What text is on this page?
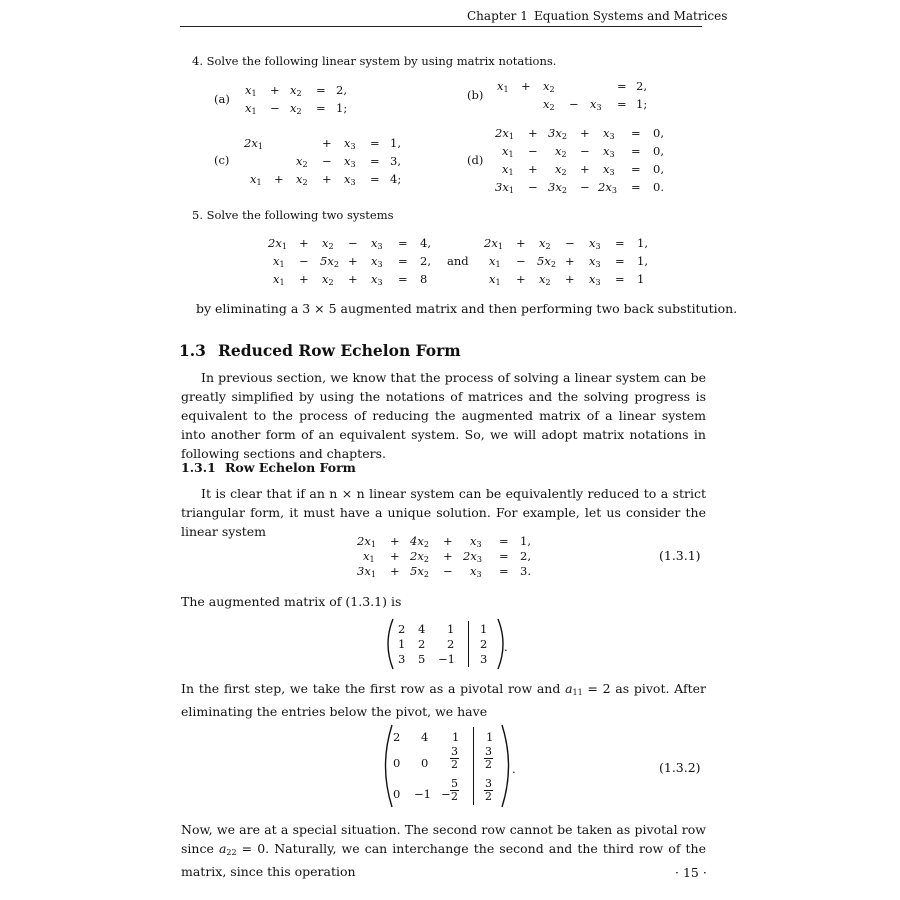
Chapter 1 Equation Systems and Matrices
4. Solve the following linear system by using matrix notations.
(a)
$x_1 + x_2 = 2$,
$x_1 - x_2 = 1$;
(b)
$x_1 + x_2$	= 2,
$x_2 - x_3 = 1$;
(c)
$2x_1$	+ $x_3 = 1$,
$x_2 - x_3 = 3$,
$x_1 + x_2 + x_3 = 4$;
(d)
$2x_1 + 3x_2 + x_3 = 0$,
$x_1 - x_2 - x_3 = 0$,
$x_1 + x_2 + x_3 = 0$,
$3x_1 - 3x_2 - 2x_3 = 0$.
5. Solve the following two systems
$2x_1 + x_2 - x_3 = 4$,
$x_1 - 5x_2 + x_3 = 2$,
$x_1 + x_2 + x_3 = 8$
and
$2x_1 + x_2 - x_3 = 1$,
$x_1 - 5x_2 + x_3 = 1$,
$x_1 + x_2 + x_3 = 1$
by eliminating a 3 × 5 augmented matrix and then performing two back substitution.
1.3 Reduced Row Echelon Form
In previous section, we know that the process of solving a linear system can be greatly simplified by using the notations of matrices and the solving progress is equivalent to the process of reducing the augmented matrix of a linear system into another form of an equivalent system. So, we will adopt matrix notations in following sections and chapters.
1.3.1 Row Echelon Form
It is clear that if an n × n linear system can be equivalently reduced to a strict triangular form, it must have a unique solution. For example, let us consider the linear system
$2x_1 + 4x_2 + x_3 = 1$,
$x_1 + 2x_2 + 2x_3 = 2$,
$3x_1 + 5x_2 - x_3 = 3$.
(1.3.1)
The augmented matrix of (1.3.1) is
2 4 1 1
1 2 2 2
3 5 −1 3
.
In the first step, we take the first row as a pivotal row and $a_{11} = 2$ as pivot. After eliminating the entries below the pivot, we have
2 4 1 1
0 $0 \frac{3}{2} \frac{3}{2}$
$0 -1 - \frac{5}{2} \frac{3}{2}$
.	(1.3.2)
Now, we are at a special situation. The second row cannot be taken as pivotal row since $a_{22} = 0$. Naturally, we can interchange the second and the third row of the matrix, since this operation	· 15 ·
